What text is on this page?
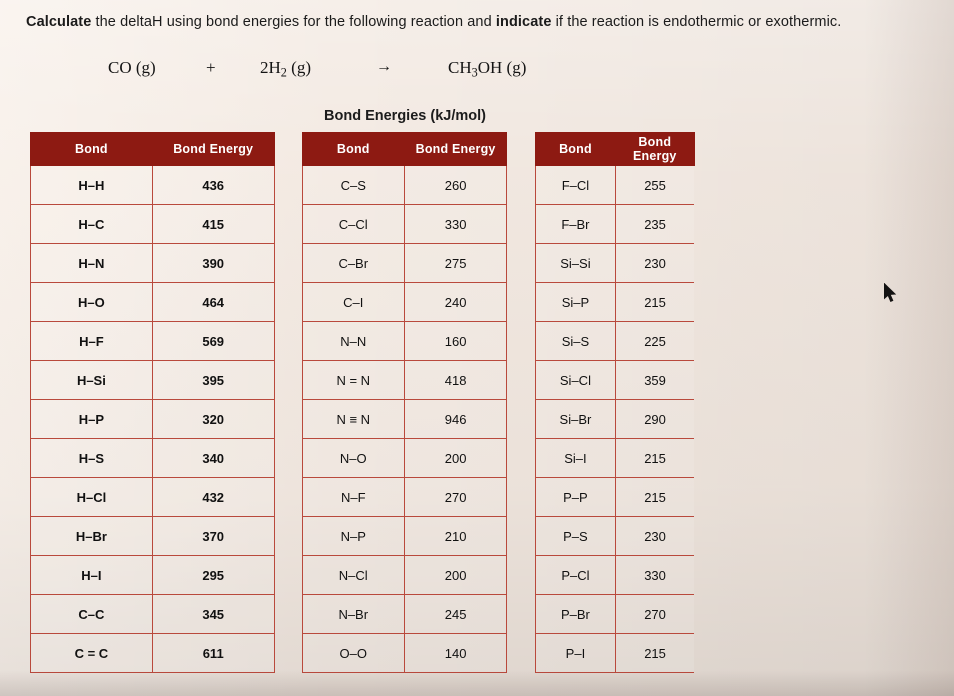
Calculate the deltaH using bond energies for the following reaction and indicate if the reaction is endothermic or exothermic.
CO (g)	+	$2H_2$ (g)	→	$CH_3OH$ (g)
Bond Energies (kJ/mol)
Bond	Bond Energy
H–H	436
H–C	415
H–N	390
H–O	464
H–F	569
H–Si	395
H–P	320
H–S	340
H–Cl	432
H–Br	370
H–I	295
C–C	345
C = C	611
Bond	Bond Energy
C–S	260
C–Cl	330
C–Br	275
C–I	240
N–N	160
N = N	418
N ≡ N	946
N–O	200
N–F	270
N–P	210
N–Cl	200
N–Br	245
O–O	140
Bond	Bond Energy
F–Cl	255
F–Br	235
Si–Si	230
Si–P	215
Si–S	225
Si–Cl	359
Si–Br	290
Si–I	215
P–P	215
P–S	230
P–Cl	330
P–Br	270
P–I	215
